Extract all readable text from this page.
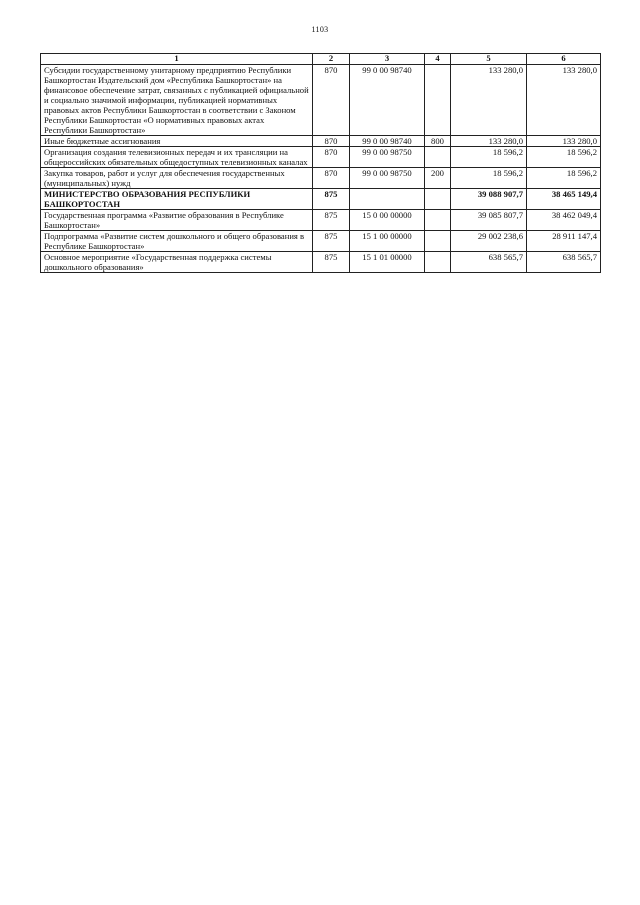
1103
1	2	3	4	5	6
Субсидии государственному унитарному предприятию Республики Башкортостан Издательский дом «Республика Башкортостан» на финансовое обеспечение затрат, связанных с публикацией официальной и социально значимой информации, публикацией нормативных правовых актов Республики Башкортостан в соответствии с Законом Республики Башкортостан «О нормативных правовых актах Республики Башкортостан»	870	99 0 00 98740		133 280,0	133 280,0
Иные бюджетные ассигнования	870	99 0 00 98740	800	133 280,0	133 280,0
Организация создания телевизионных передач и их трансляции на общероссийских обязательных общедоступных телевизионных каналах	870	99 0 00 98750		18 596,2	18 596,2
Закупка товаров, работ и услуг для обеспечения государственных (муниципальных) нужд	870	99 0 00 98750	200	18 596,2	18 596,2
МИНИСТЕРСТВО ОБРАЗОВАНИЯ РЕСПУБЛИКИ БАШКОРТОСТАН	875			39 088 907,7	38 465 149,4
Государственная программа «Развитие образования в Республике Башкортостан»	875	15 0 00 00000		39 085 807,7	38 462 049,4
Подпрограмма «Развитие систем дошкольного и общего образования в Республике Башкортостан»	875	15 1 00 00000		29 002 238,6	28 911 147,4
Основное мероприятие «Государственная поддержка системы дошкольного образования»	875	15 1 01 00000		638 565,7	638 565,7
